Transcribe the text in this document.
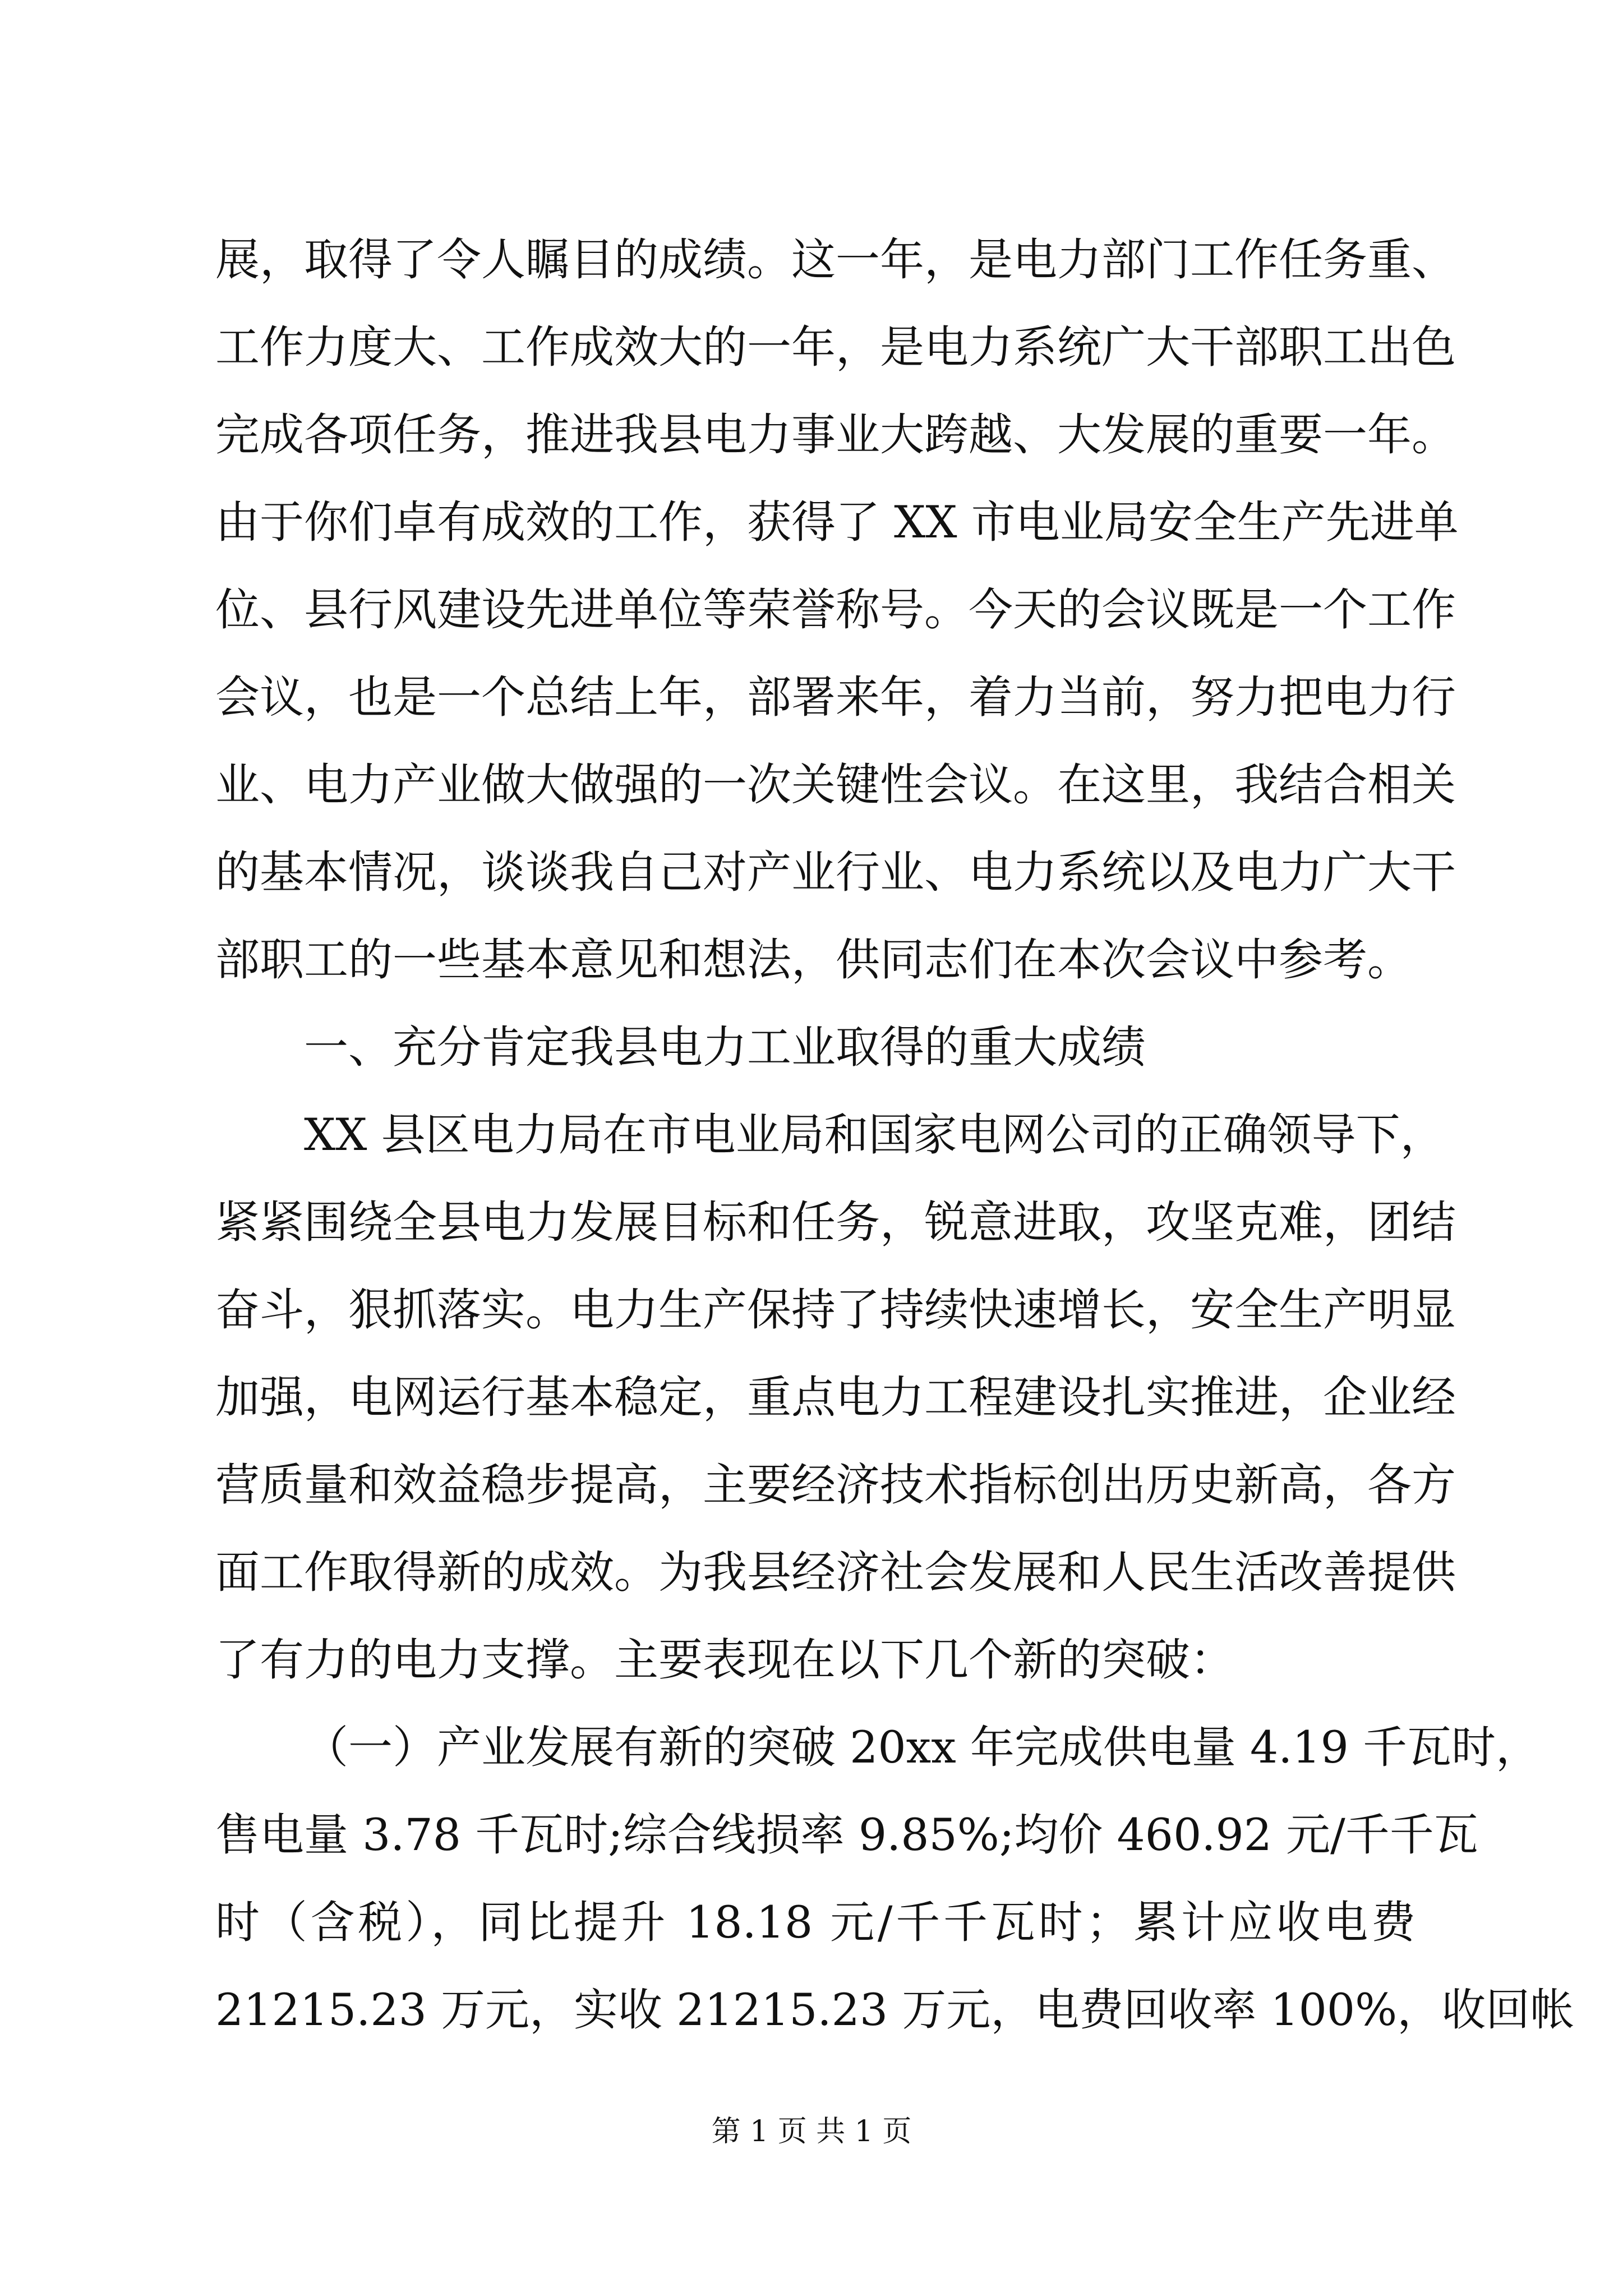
展，取得了令人瞩目的成绩。这一年，是电力部门工作任务重、
工作力度大、工作成效大的一年，是电力系统广大干部职工出色
完成各项任务，推进我县电力事业大跨越、大发展的重要一年。
由于你们卓有成效的工作，获得了 XX 市电业局安全生产先进单
位、县行风建设先进单位等荣誉称号。今天的会议既是一个工作
会议，也是一个总结上年，部署来年，着力当前，努力把电力行
业、电力产业做大做强的一次关键性会议。在这里，我结合相关
的基本情况，谈谈我自己对产业行业、电力系统以及电力广大干
部职工的一些基本意见和想法，供同志们在本次会议中参考。
一、充分肯定我县电力工业取得的重大成绩
XX 县区电力局在市电业局和国家电网公司的正确领导下，
紧紧围绕全县电力发展目标和任务，锐意进取，攻坚克难，团结
奋斗，狠抓落实。电力生产保持了持续快速增长，安全生产明显
加强，电网运行基本稳定，重点电力工程建设扎实推进，企业经
营质量和效益稳步提高，主要经济技术指标创出历史新高，各方
面工作取得新的成效。为我县经济社会发展和人民生活改善提供
了有力的电力支撑。主要表现在以下几个新的突破：
（一）产业发展有新的突破 20xx 年完成供电量 4.19 千瓦时，
售电量 3.78 千瓦时;综合线损率 9.85%;均价 460.92 元/千千瓦
时（含税），同比提升 18.18 元/千千瓦时；累计应收电费
21215.23 万元，实收 21215.23 万元，电费回收率 100%，收回帐
第 1 页 共 1 页
